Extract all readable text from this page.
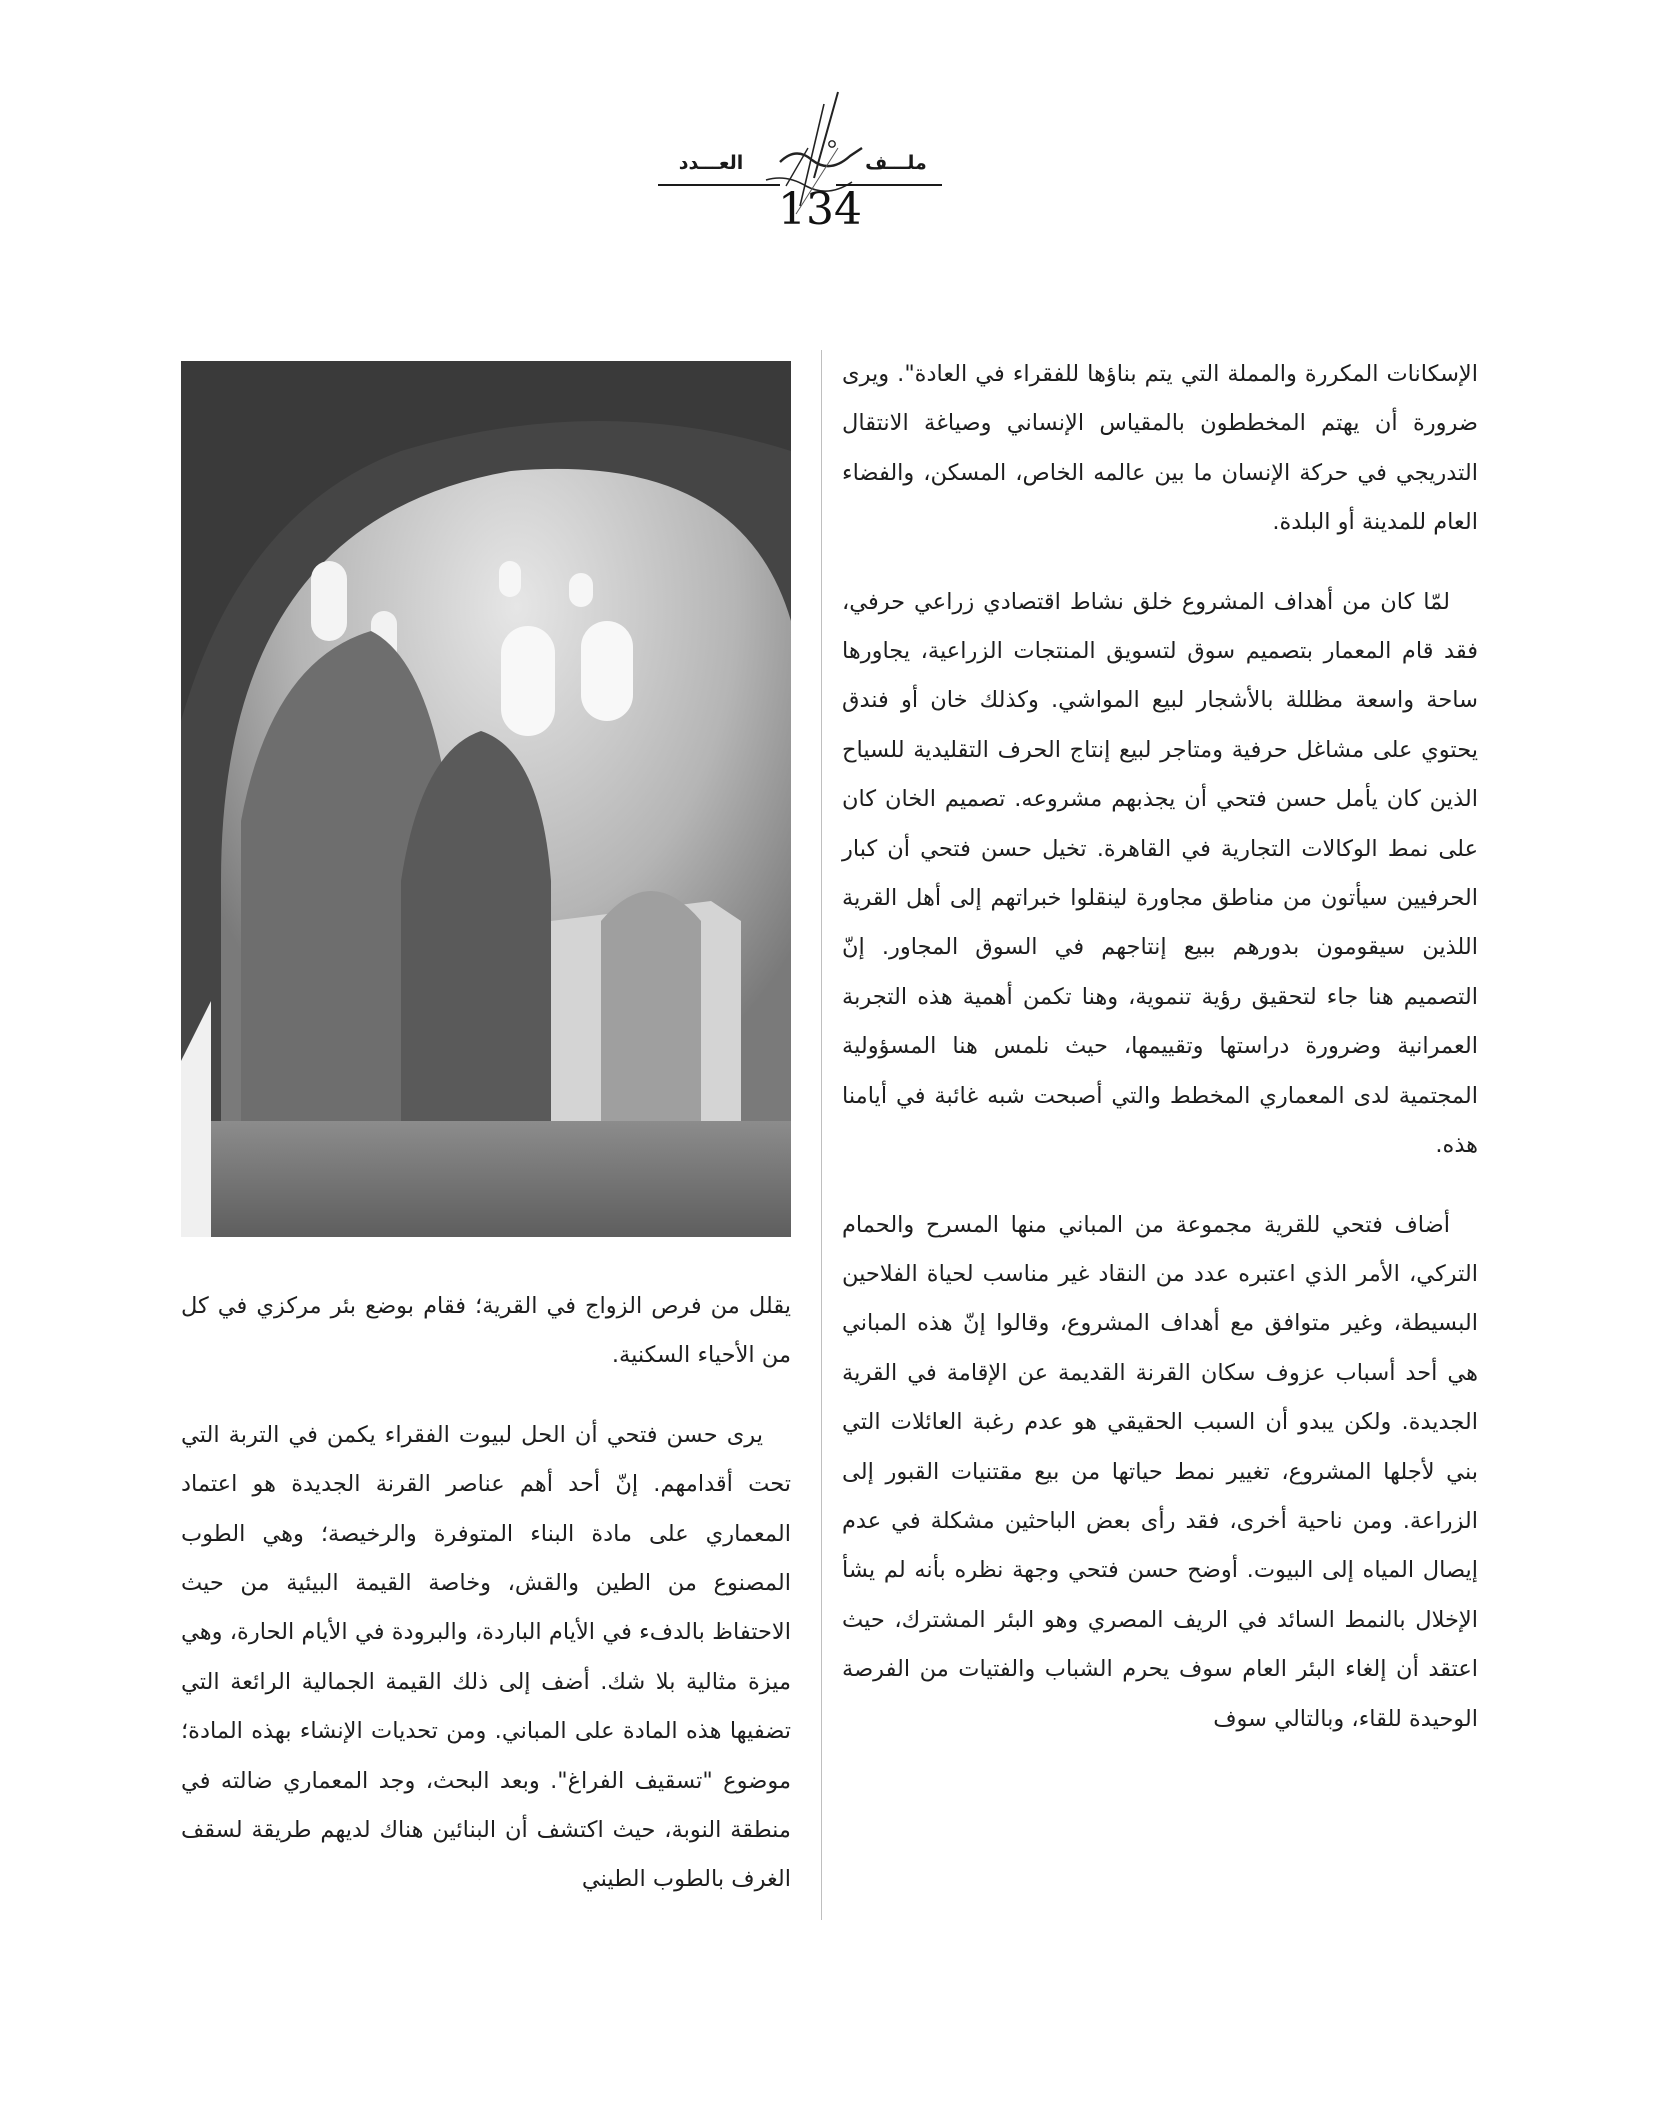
العـــدد	ملـــف
134

الإسكانات المكررة والمملة التي يتم بناؤها للفقراء في العادة". ويرى ضرورة أن يهتم المخططون بالمقياس الإنساني وصياغة الانتقال التدريجي في حركة الإنسان ما بين عالمه الخاص، المسكن، والفضاء العام للمدينة أو البلدة.

لمّا كان من أهداف المشروع خلق نشاط اقتصادي زراعي حرفي، فقد قام المعمار بتصميم سوق لتسويق المنتجات الزراعية، يجاورها ساحة واسعة مظللة بالأشجار لبيع المواشي. وكذلك خان أو فندق يحتوي على مشاغل حرفية ومتاجر لبيع إنتاج الحرف التقليدية للسياح الذين كان يأمل حسن فتحي أن يجذبهم مشروعه. تصميم الخان كان على نمط الوكالات التجارية في القاهرة. تخيل حسن فتحي أن كبار الحرفيين سيأتون من مناطق مجاورة لينقلوا خبراتهم إلى أهل القرية اللذين سيقومون بدورهم ببيع إنتاجهم في السوق المجاور. إنّ التصميم هنا جاء لتحقيق رؤية تنموية، وهنا تكمن أهمية هذه التجربة العمرانية وضرورة دراستها وتقييمها، حيث نلمس هنا المسؤولية المجتمية لدى المعماري المخطط والتي أصبحت شبه غائبة في أيامنا هذه.

أضاف فتحي للقرية مجموعة من المباني منها المسرح والحمام التركي، الأمر الذي اعتبره عدد من النقاد غير مناسب لحياة الفلاحين البسيطة، وغير متوافق مع أهداف المشروع، وقالوا إنّ هذه المباني هي أحد أسباب عزوف سكان القرنة القديمة عن الإقامة في القرية الجديدة. ولكن يبدو أن السبب الحقيقي هو عدم رغبة العائلات التي بني لأجلها المشروع، تغيير نمط حياتها من بيع مقتنيات القبور إلى الزراعة. ومن ناحية أخرى، فقد رأى بعض الباحثين مشكلة في عدم إيصال المياه إلى البيوت. أوضح حسن فتحي وجهة نظره بأنه لم يشأ الإخلال بالنمط السائد في الريف المصري وهو البئر المشترك، حيث اعتقد أن إلغاء البئر العام سوف يحرم الشباب والفتيات من الفرصة الوحيدة للقاء، وبالتالي سوف

يقلل من فرص الزواج في القرية؛ فقام بوضع بئر مركزي في كل من الأحياء السكنية.

يرى حسن فتحي أن الحل لبيوت الفقراء يكمن في التربة التي تحت أقدامهم. إنّ أحد أهم عناصر القرنة الجديدة هو اعتماد المعماري على مادة البناء المتوفرة والرخيصة؛ وهي الطوب المصنوع من الطين والقش، وخاصة القيمة البيئية من حيث الاحتفاظ بالدفء في الأيام الباردة، والبرودة في الأيام الحارة، وهي ميزة مثالية بلا شك. أضف إلى ذلك القيمة الجمالية الرائعة التي تضفيها هذه المادة على المباني. ومن تحديات الإنشاء بهذه المادة؛ موضوع "تسقيف الفراغ". وبعد البحث، وجد المعماري ضالته في منطقة النوبة، حيث اكتشف أن البنائين هناك لديهم طريقة لسقف الغرف بالطوب الطيني
